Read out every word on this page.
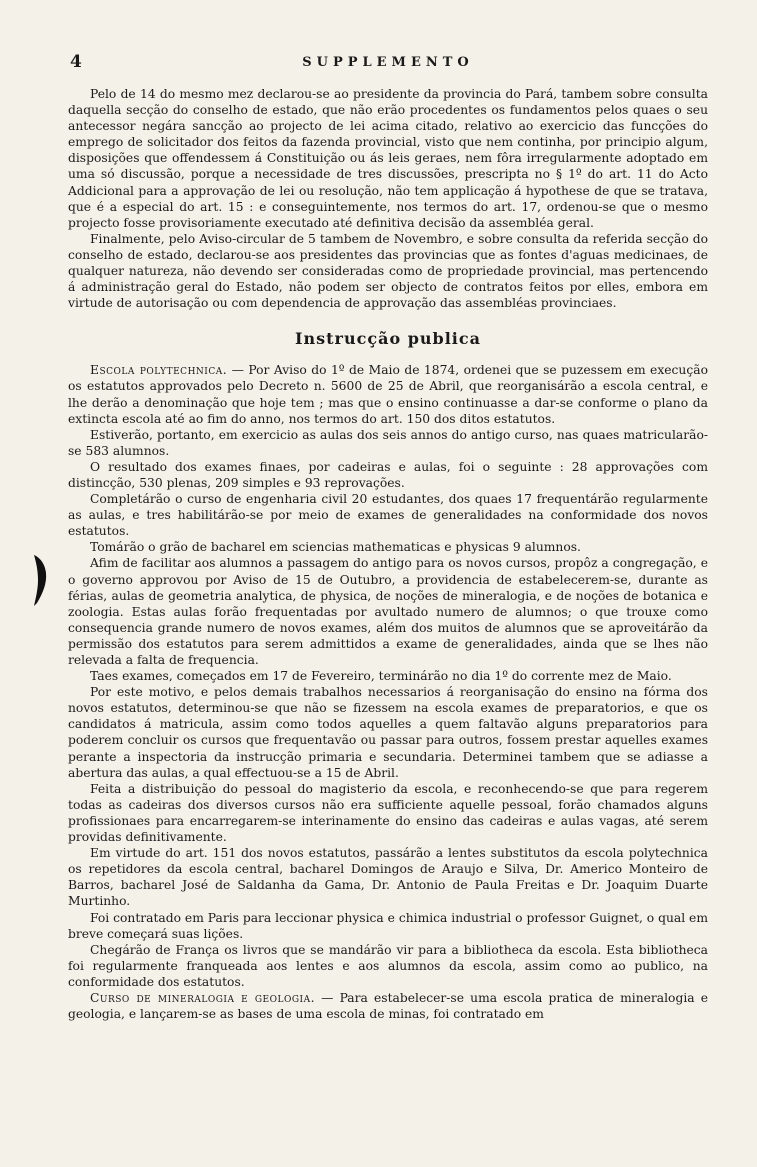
4	SUPPLEMENTO

Pelo de 14 do mesmo mez declarou-se ao presidente da provincia do Pará, tambem sobre consulta daquella secção do conselho de estado, que não erão procedentes os fundamentos pelos quaes o seu antecessor negára sancção ao projecto de lei acima citado, relativo ao exercicio das funcções do emprego de solicitador dos feitos da fazenda provincial, visto que nem continha, por principio algum, disposições que offendessem á Constituição ou ás leis geraes, nem fôra irregularmente adoptado em uma só discussão, porque a necessidade de tres discussões, prescripta no § 1º do art. 11 do Acto Addicional para a approvação de lei ou resolução, não tem applicação á hypothese de que se tratava, que é a especial do art. 15 : e conseguintemente, nos termos do art. 17, ordenou-se que o mesmo projecto fosse provisoriamente executado até definitiva decisão da assembléa geral.

Finalmente, pelo Aviso-circular de 5 tambem de Novembro, e sobre consulta da referida secção do conselho de estado, declarou-se aos presidentes das provincias que as fontes d'aguas medicinaes, de qualquer natureza, não devendo ser consideradas como de propriedade provincial, mas pertencendo á administração geral do Estado, não podem ser objecto de contratos feitos por elles, embora em virtude de autorisação ou com dependencia de approvação das assembléas provinciaes.

Instrucção publica

Escola polytechnica. — Por Aviso do 1º de Maio de 1874, ordenei que se puzessem em execução os estatutos approvados pelo Decreto n. 5600 de 25 de Abril, que reorganisárão a escola central, e lhe derão a denominação que hoje tem ; mas que o ensino continuasse a dar-se conforme o plano da extincta escola até ao fim do anno, nos termos do art. 150 dos ditos estatutos.

Estiverão, portanto, em exercicio as aulas dos seis annos do antigo curso, nas quaes matricularão-se 583 alumnos.

O resultado dos exames finaes, por cadeiras e aulas, foi o seguinte : 28 approvações com distincção, 530 plenas, 209 simples e 93 reprovações.

Completárão o curso de engenharia civil 20 estudantes, dos quaes 17 frequentárão regularmente as aulas, e tres habilitárão-se por meio de exames de generalidades na conformidade dos novos estatutos.

Tomárão o grão de bacharel em sciencias mathematicas e physicas 9 alumnos.

Afim de facilitar aos alumnos a passagem do antigo para os novos cursos, propôz a congregação, e o governo approvou por Aviso de 15 de Outubro, a providencia de estabelecerem-se, durante as férias, aulas de geometria analytica, de physica, de noções de mineralogia, e de noções de botanica e zoologia. Estas aulas forão frequentadas por avultado numero de alumnos; o que trouxe como consequencia grande numero de novos exames, além dos muitos de alumnos que se aproveitárão da permissão dos estatutos para serem admittidos a exame de generalidades, ainda que se lhes não relevada a falta de frequencia.

Taes exames, começados em 17 de Fevereiro, terminárão no dia 1º do corrente mez de Maio.

Por este motivo, e pelos demais trabalhos necessarios á reorganisação do ensino na fórma dos novos estatutos, determinou-se que não se fizessem na escola exames de preparatorios, e que os candidatos á matricula, assim como todos aquelles a quem faltavão alguns preparatorios para poderem concluir os cursos que frequentavão ou passar para outros, fossem prestar aquelles exames perante a inspectoria da instrucção primaria e secundaria. Determinei tambem que se adiasse a abertura das aulas, a qual effectuou-se a 15 de Abril.

Feita a distribuição do pessoal do magisterio da escola, e reconhecendo-se que para regerem todas as cadeiras dos diversos cursos não era sufficiente aquelle pessoal, forão chamados alguns profissionaes para encarregarem-se interinamente do ensino das cadeiras e aulas vagas, até serem providas definitivamente.

Em virtude do art. 151 dos novos estatutos, passárão a lentes substitutos da escola polytechnica os repetidores da escola central, bacharel Domingos de Araujo e Silva, Dr. Americo Monteiro de Barros, bacharel José de Saldanha da Gama, Dr. Antonio de Paula Freitas e Dr. Joaquim Duarte Murtinho.

Foi contratado em Paris para leccionar physica e chimica industrial o professor Guignet, o qual em breve começará suas lições.

Chegárão de França os livros que se mandárão vir para a bibliotheca da escola. Esta bibliotheca foi regularmente franqueada aos lentes e aos alumnos da escola, assim como ao publico, na conformidade dos estatutos.

Curso de mineralogia e geologia. — Para estabelecer-se uma escola pratica de mineralogia e geologia, e lançarem-se as bases de uma escola de minas, foi contratado em
